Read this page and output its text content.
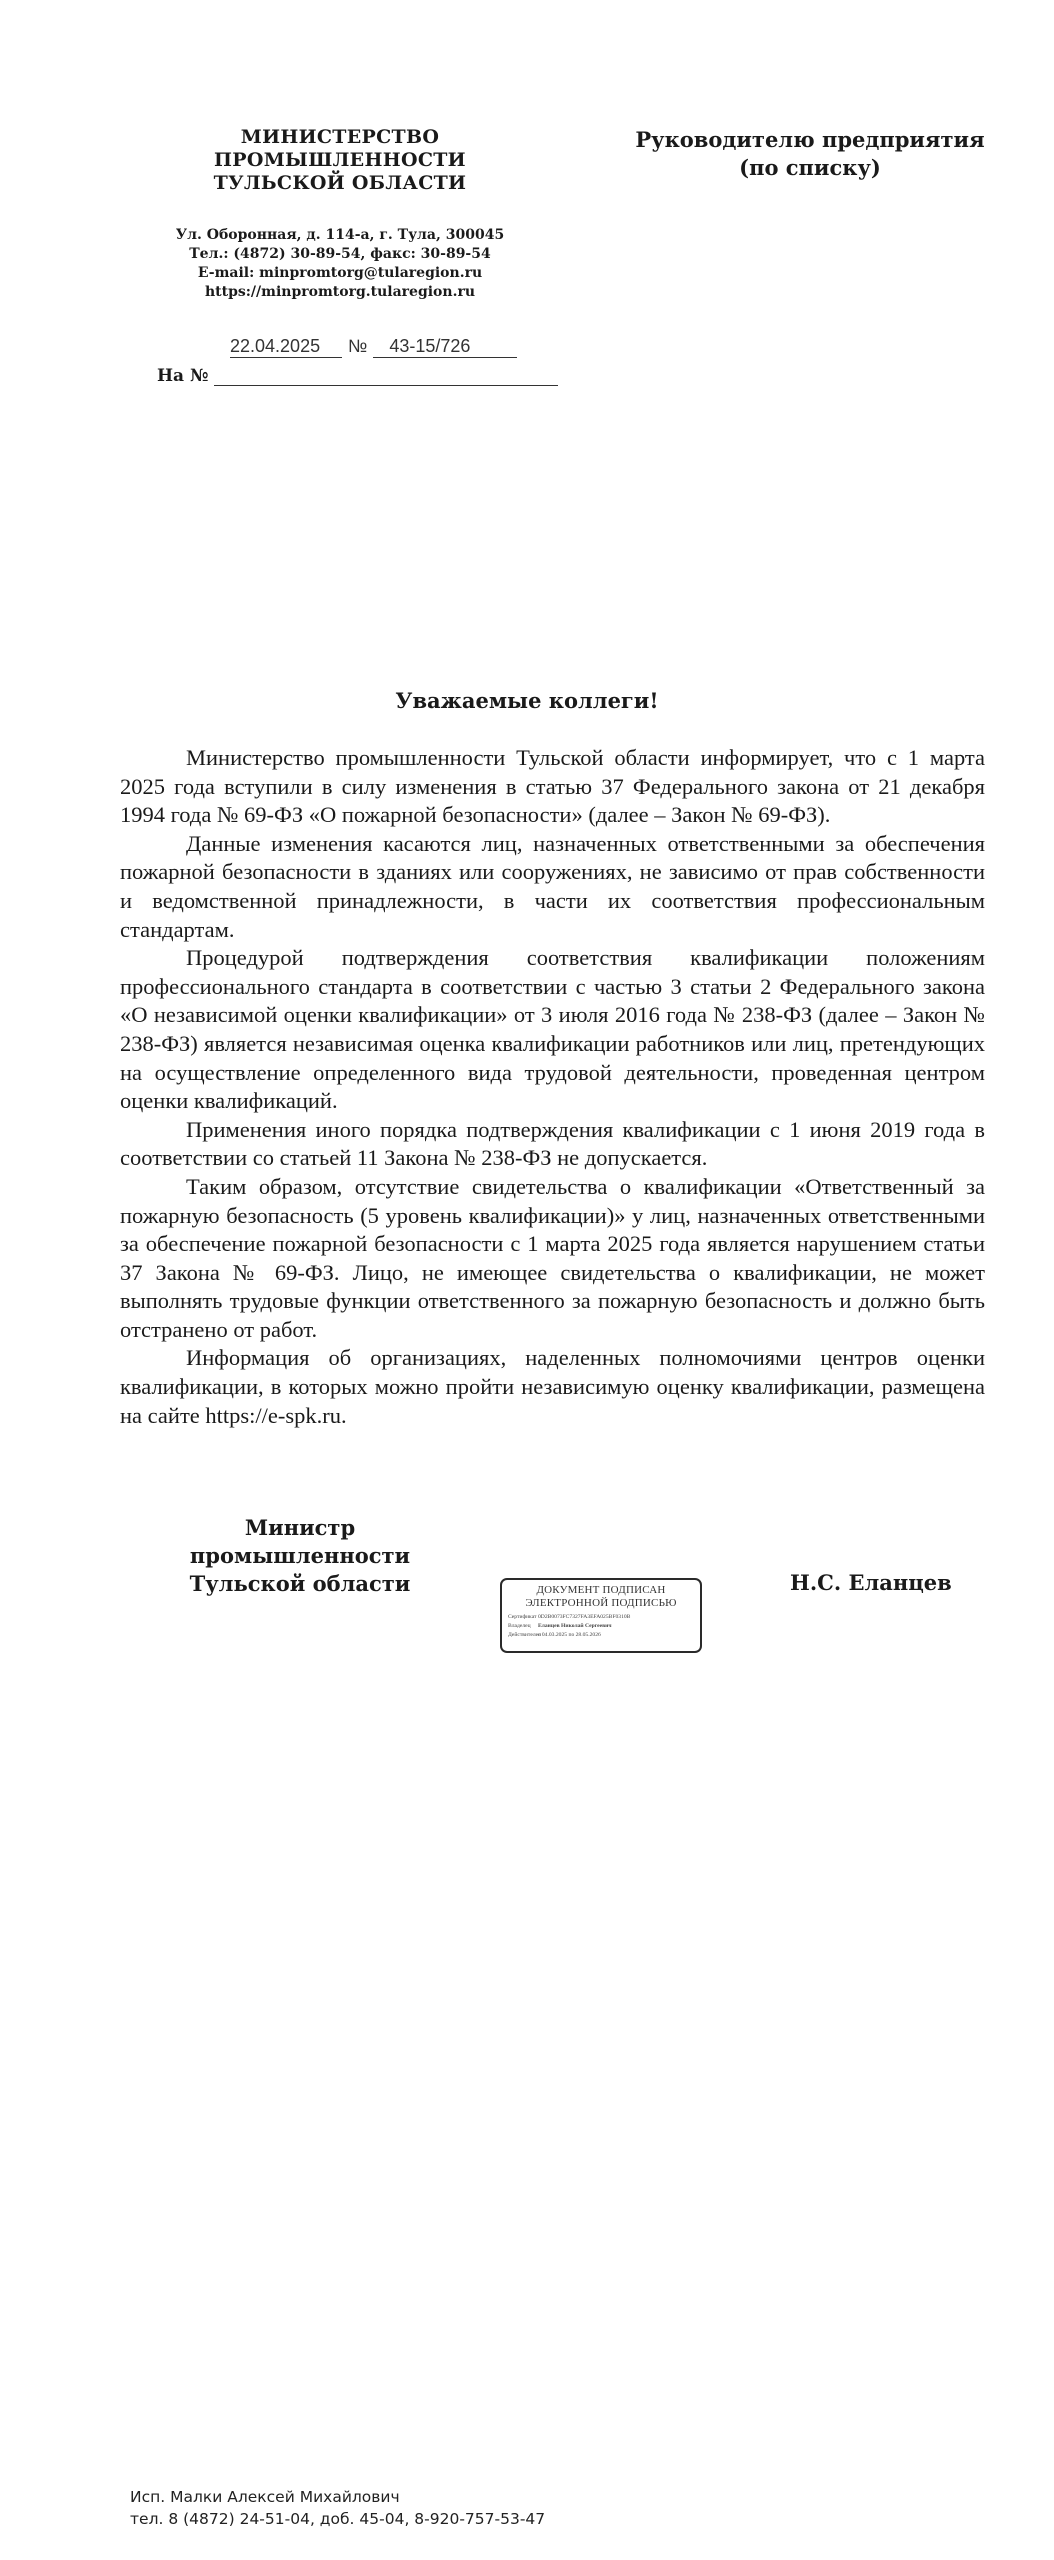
МИНИСТЕРСТВО
ПРОМЫШЛЕННОСТИ
ТУЛЬСКОЙ ОБЛАСТИ
Ул. Оборонная, д. 114-а, г. Тула, 300045
Тел.: (4872) 30-89-54, факс: 30-89-54
E-mail: minpromtorg@tularegion.ru
https://minpromtorg.tularegion.ru
Руководителю предприятия
(по списку)
22.04.2025 № 43-15/726
На №
Уважаемые коллеги!

Министерство промышленности Тульской области информирует, что с 1 марта 2025 года вступили в силу изменения в статью 37 Федерального закона от 21 декабря 1994 года № 69-ФЗ «О пожарной безопасности» (далее – Закон № 69-ФЗ).

Данные изменения касаются лиц, назначенных ответственными за обеспечения пожарной безопасности в зданиях или сооружениях, не зависимо от прав собственности и ведомственной принадлежности, в части их соответствия профессиональным стандартам.

Процедурой подтверждения соответствия квалификации положениям профессионального стандарта в соответствии с частью 3 статьи 2 Федерального закона «О независимой оценки квалификации» от 3 июля 2016 года № 238-ФЗ (далее – Закон № 238-ФЗ) является независимая оценка квалификации работников или лиц, претендующих на осуществление определенного вида трудовой деятельности, проведенная центром оценки квалификаций.

Применения иного порядка подтверждения квалификации с 1 июня 2019 года в соответствии со статьей 11 Закона № 238-ФЗ не допускается.

Таким образом, отсутствие свидетельства о квалификации «Ответственный за пожарную безопасность (5 уровень квалификации)» у лиц, назначенных ответственными за обеспечение пожарной безопасности с 1 марта 2025 года является нарушением статьи 37 Закона № 69-ФЗ. Лицо, не имеющее свидетельства о квалификации, не может выполнять трудовые функции ответственного за пожарную безопасность и должно быть отстранено от работ.

Информация об организациях, наделенных полномочиями центров оценки квалификации, в которых можно пройти независимую оценку квалификации, размещена на сайте https://e-spk.ru.

Министр
промышленности
Тульской области	ДОКУМЕНТ ПОДПИСАН
ЭЛЕКТРОННОЙ ПОДПИСЬЮ
Сертификат 0D2B0073FC7327FA3EFA025BF0310B
Владелец Еланцев Николай Сергеевич
Действителенс 04.03.2025 по 28.05.2026
Н.С. Еланцев
Исп. Малки Алексей Михайлович
тел. 8 (4872) 24-51-04, доб. 45-04, 8-920-757-53-47
